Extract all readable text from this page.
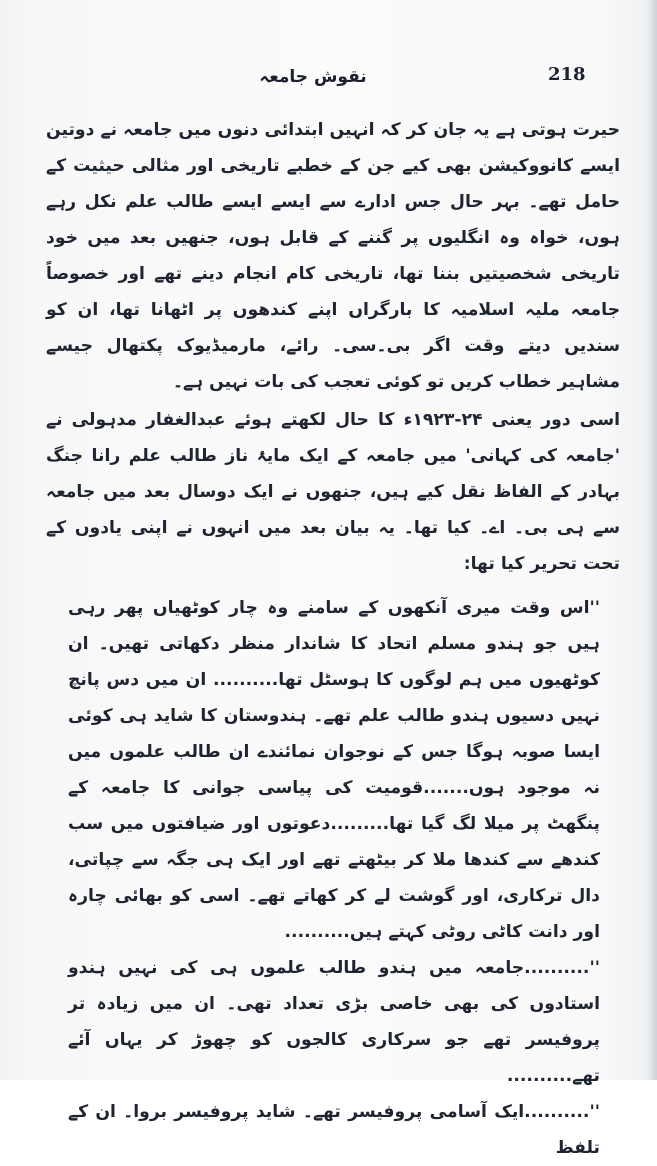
218
نقوش جامعہ

حیرت ہوتی ہے یہ جان کر کہ انہیں ابتدائی دنوں میں جامعہ نے دوتین ایسے کانووکیشن بھی کیے جن کے خطبے تاریخی اور مثالی حیثیت کے حامل تھے۔ بہر حال جس ادارے سے ایسے ایسے طالب علم نکل رہے ہوں، خواہ وہ انگلیوں پر گننے کے قابل ہوں، جنھیں بعد میں خود تاریخی شخصیتیں بننا تھا، تاریخی کام انجام دینے تھے اور خصوصاً جامعہ ملیہ اسلامیہ کا بارگراں اپنے کندھوں پر اٹھانا تھا، ان کو سندیں دیتے وقت اگر بی۔سی۔ رائے، مارمیڈیوک پکتھال جیسے مشاہیر خطاب کریں تو کوئی تعجب کی بات نہیں ہے۔

اسی دور یعنی ۲۴-۱۹۲۳ء کا حال لکھتے ہوئے عبدالغفار مدہولی نے 'جامعہ کی کہانی' میں جامعہ کے ایک مایۂ ناز طالب علم رانا جنگ بہادر کے الفاظ نقل کیے ہیں، جنھوں نے ایک دوسال بعد میں جامعہ سے ہی بی۔ اے۔ کیا تھا۔ یہ بیان بعد میں انہوں نے اپنی یادوں کے تحت تحریر کیا تھا:

''اس وقت میری آنکھوں کے سامنے وہ چار کوٹھیاں پھر رہی ہیں جو ہندو مسلم اتحاد کا شاندار منظر دکھاتی تھیں۔ ان کوٹھیوں میں ہم لوگوں کا ہوسٹل تھا.......... ان میں دس پانچ نہیں دسیوں ہندو طالب علم تھے۔ ہندوستان کا شاید ہی کوئی ایسا صوبہ ہوگا جس کے نوجوان نمائندے ان طالب علموں میں نہ موجود ہوں.......قومیت کی پیاسی جوانی کا جامعہ کے پنگھٹ پر میلا لگ گیا تھا.........دعوتوں اور ضیافتوں میں سب کندھے سے کندھا ملا کر بیٹھتے تھے اور ایک ہی جگہ سے چپاتی، دال ترکاری، اور گوشت لے کر کھاتے تھے۔ اسی کو بھائی چارہ اور دانت کاٹی روٹی کہتے ہیں..........

''..........جامعہ میں ہندو طالب علموں ہی کی نہیں ہندو استادوں کی بھی خاصی بڑی تعداد تھی۔ ان میں زیادہ تر پروفیسر تھے جو سرکاری کالجوں کو چھوڑ کر یہاں آئے تھے..........

''..........ایک آسامی پروفیسر تھے۔ شاید پروفیسر بروا۔ ان کے تلفظ
